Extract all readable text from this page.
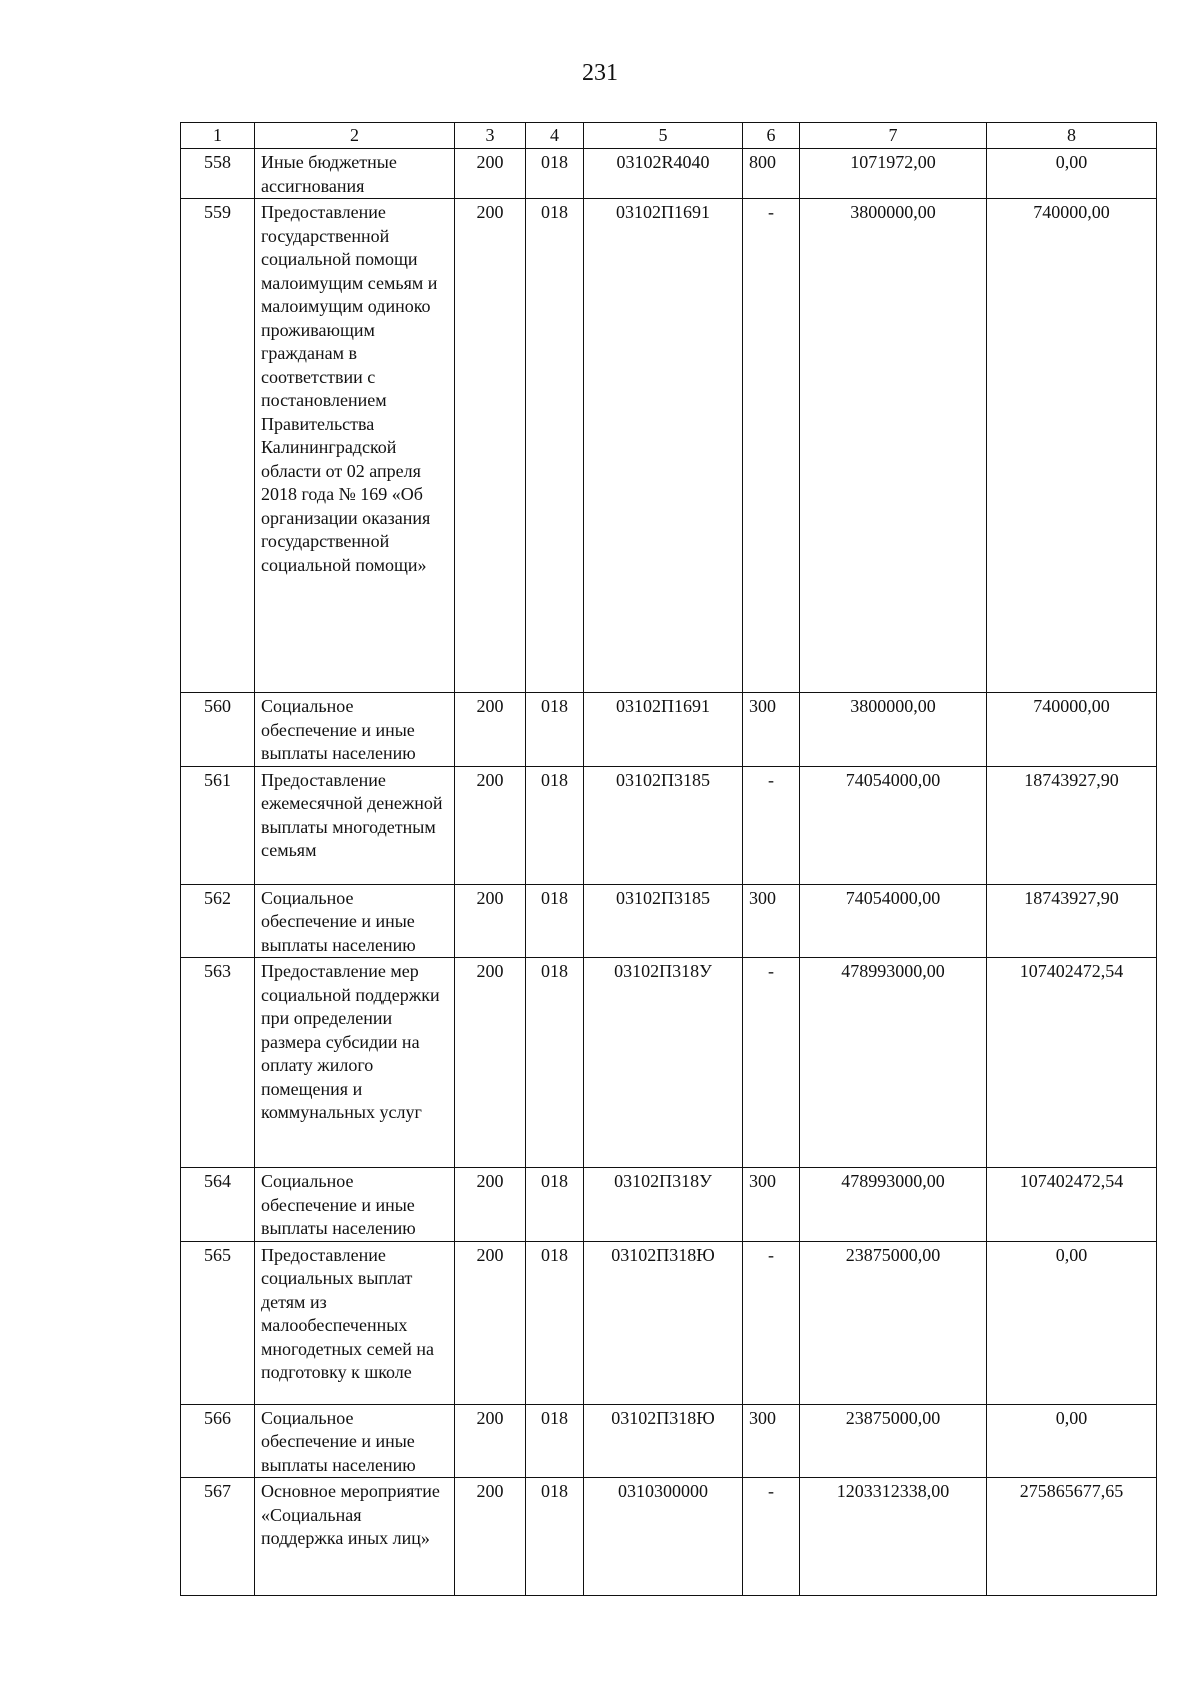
231
1	2	3	4	5	6	7	8
558	Иные бюджетные ассигнования	200	018	03102R4040	800	1071972,00	0,00
559	Предоставление государственной социальной помощи малоимущим семьям и малоимущим одиноко проживающим гражданам в соответствии с постановлением Правительства Калининградской области от 02 апреля 2018 года № 169 «Об организации оказания государственной социальной помощи»	200	018	03102П1691	-	3800000,00	740000,00
560	Социальное обеспечение и иные выплаты населению	200	018	03102П1691	300	3800000,00	740000,00
561	Предоставление ежемесячной денежной выплаты многодетным семьям	200	018	03102П3185	-	74054000,00	18743927,90
562	Социальное обеспечение и иные выплаты населению	200	018	03102П3185	300	74054000,00	18743927,90
563	Предоставление мер социальной поддержки при определении размера субсидии на оплату жилого помещения и коммунальных услуг	200	018	03102П318У	-	478993000,00	107402472,54
564	Социальное обеспечение и иные выплаты населению	200	018	03102П318У	300	478993000,00	107402472,54
565	Предоставление социальных выплат детям из малообеспеченных многодетных семей на подготовку к школе	200	018	03102П318Ю	-	23875000,00	0,00
566	Социальное обеспечение и иные выплаты населению	200	018	03102П318Ю	300	23875000,00	0,00
567	Основное мероприятие «Социальная поддержка иных лиц»	200	018	0310300000	-	1203312338,00	275865677,65
